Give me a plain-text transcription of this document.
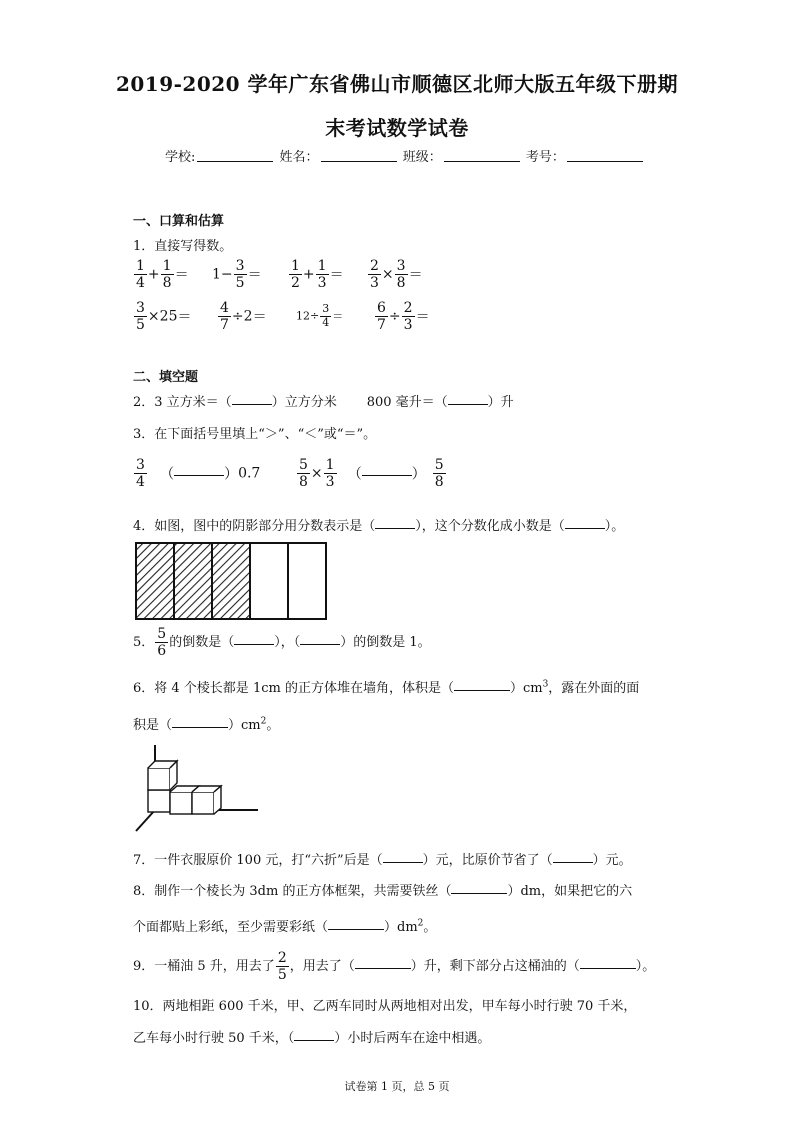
2019-2020 学年广东省佛山市顺德区北师大版五年级下册期
末考试数学试卷
学校:	姓名：	班级：	考号：
一、口算和估算
1．直接写得数。
$\frac{1}{4} + \frac{1}{8} = 1- \frac{3}{5} = \frac{1}{2} + \frac{1}{3} = \frac{2}{3} \times \frac{3}{8}$ ＝
$\frac{3}{5} \times 25= \frac{4}{7} \div 2=$	$12\div \frac{3}{4} = \frac{6}{7} \div \frac{2}{3}$ ＝
二、填空题
2．3 立方米＝（	）立方分米 800 毫升＝（	）升
3．在下面括号里填上“＞”、“＜”或“＝”。
$\frac{3}{4}$ （	）0.7	$\frac{5}{8} \times \frac{1}{3}$ （	） $\frac{5}{8}$
4．如图，图中的阴影部分用分数表示是（	），这个分数化成小数是（	）。
5． $\frac{5}{6}$ 的倒数是（	），（	）的倒数是 1。
6．将 4 个棱长都是 1cm 的正方体堆在墙角，体积是（	）$cm^3$，露在外面的面
积是（	）$cm^2$。
7．一件衣服原价 100 元，打“六折”后是（	）元，比原价节省了（	）元。
8．制作一个棱长为 3dm 的正方体框架，共需要铁丝（	）dm，如果把它的六
个面都贴上彩纸，至少需要彩纸（	）$dm^2$。
9．一桶油 5 升，用去了 $\frac{2}{5}$ ，用去了（	）升，剩下部分占这桶油的（	）。
10．两地相距 600 千米，甲、乙两车同时从两地相对出发，甲车每小时行驶 70 千米，
乙车每小时行驶 50 千米，（	）小时后两车在途中相遇。
试卷第 1 页，总 5 页
